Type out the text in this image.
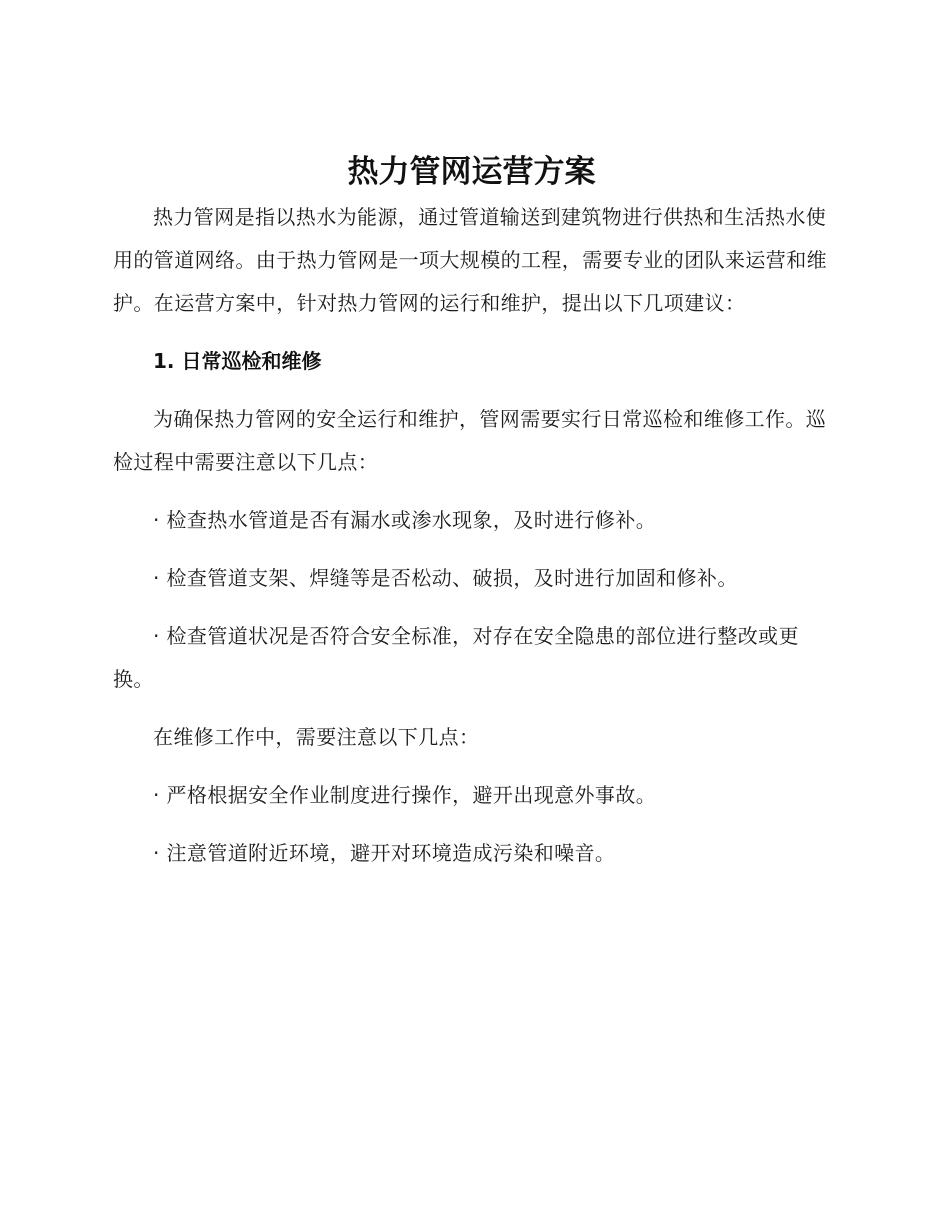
热力管网运营方案

热力管网是指以热水为能源，通过管道输送到建筑物进行供热和生活热水使用的管道网络。由于热力管网是一项大规模的工程，需要专业的团队来运营和维护。在运营方案中，针对热力管网的运行和维护，提出以下几项建议：

1. 日常巡检和维修

为确保热力管网的安全运行和维护，管网需要实行日常巡检和维修工作。巡检过程中需要注意以下几点：

· 检查热水管道是否有漏水或渗水现象，及时进行修补。

· 检查管道支架、焊缝等是否松动、破损，及时进行加固和修补。

· 检查管道状况是否符合安全标准，对存在安全隐患的部位进行整改或更换。

在维修工作中，需要注意以下几点：

· 严格根据安全作业制度进行操作，避开出现意外事故。

· 注意管道附近环境，避开对环境造成污染和噪音。
